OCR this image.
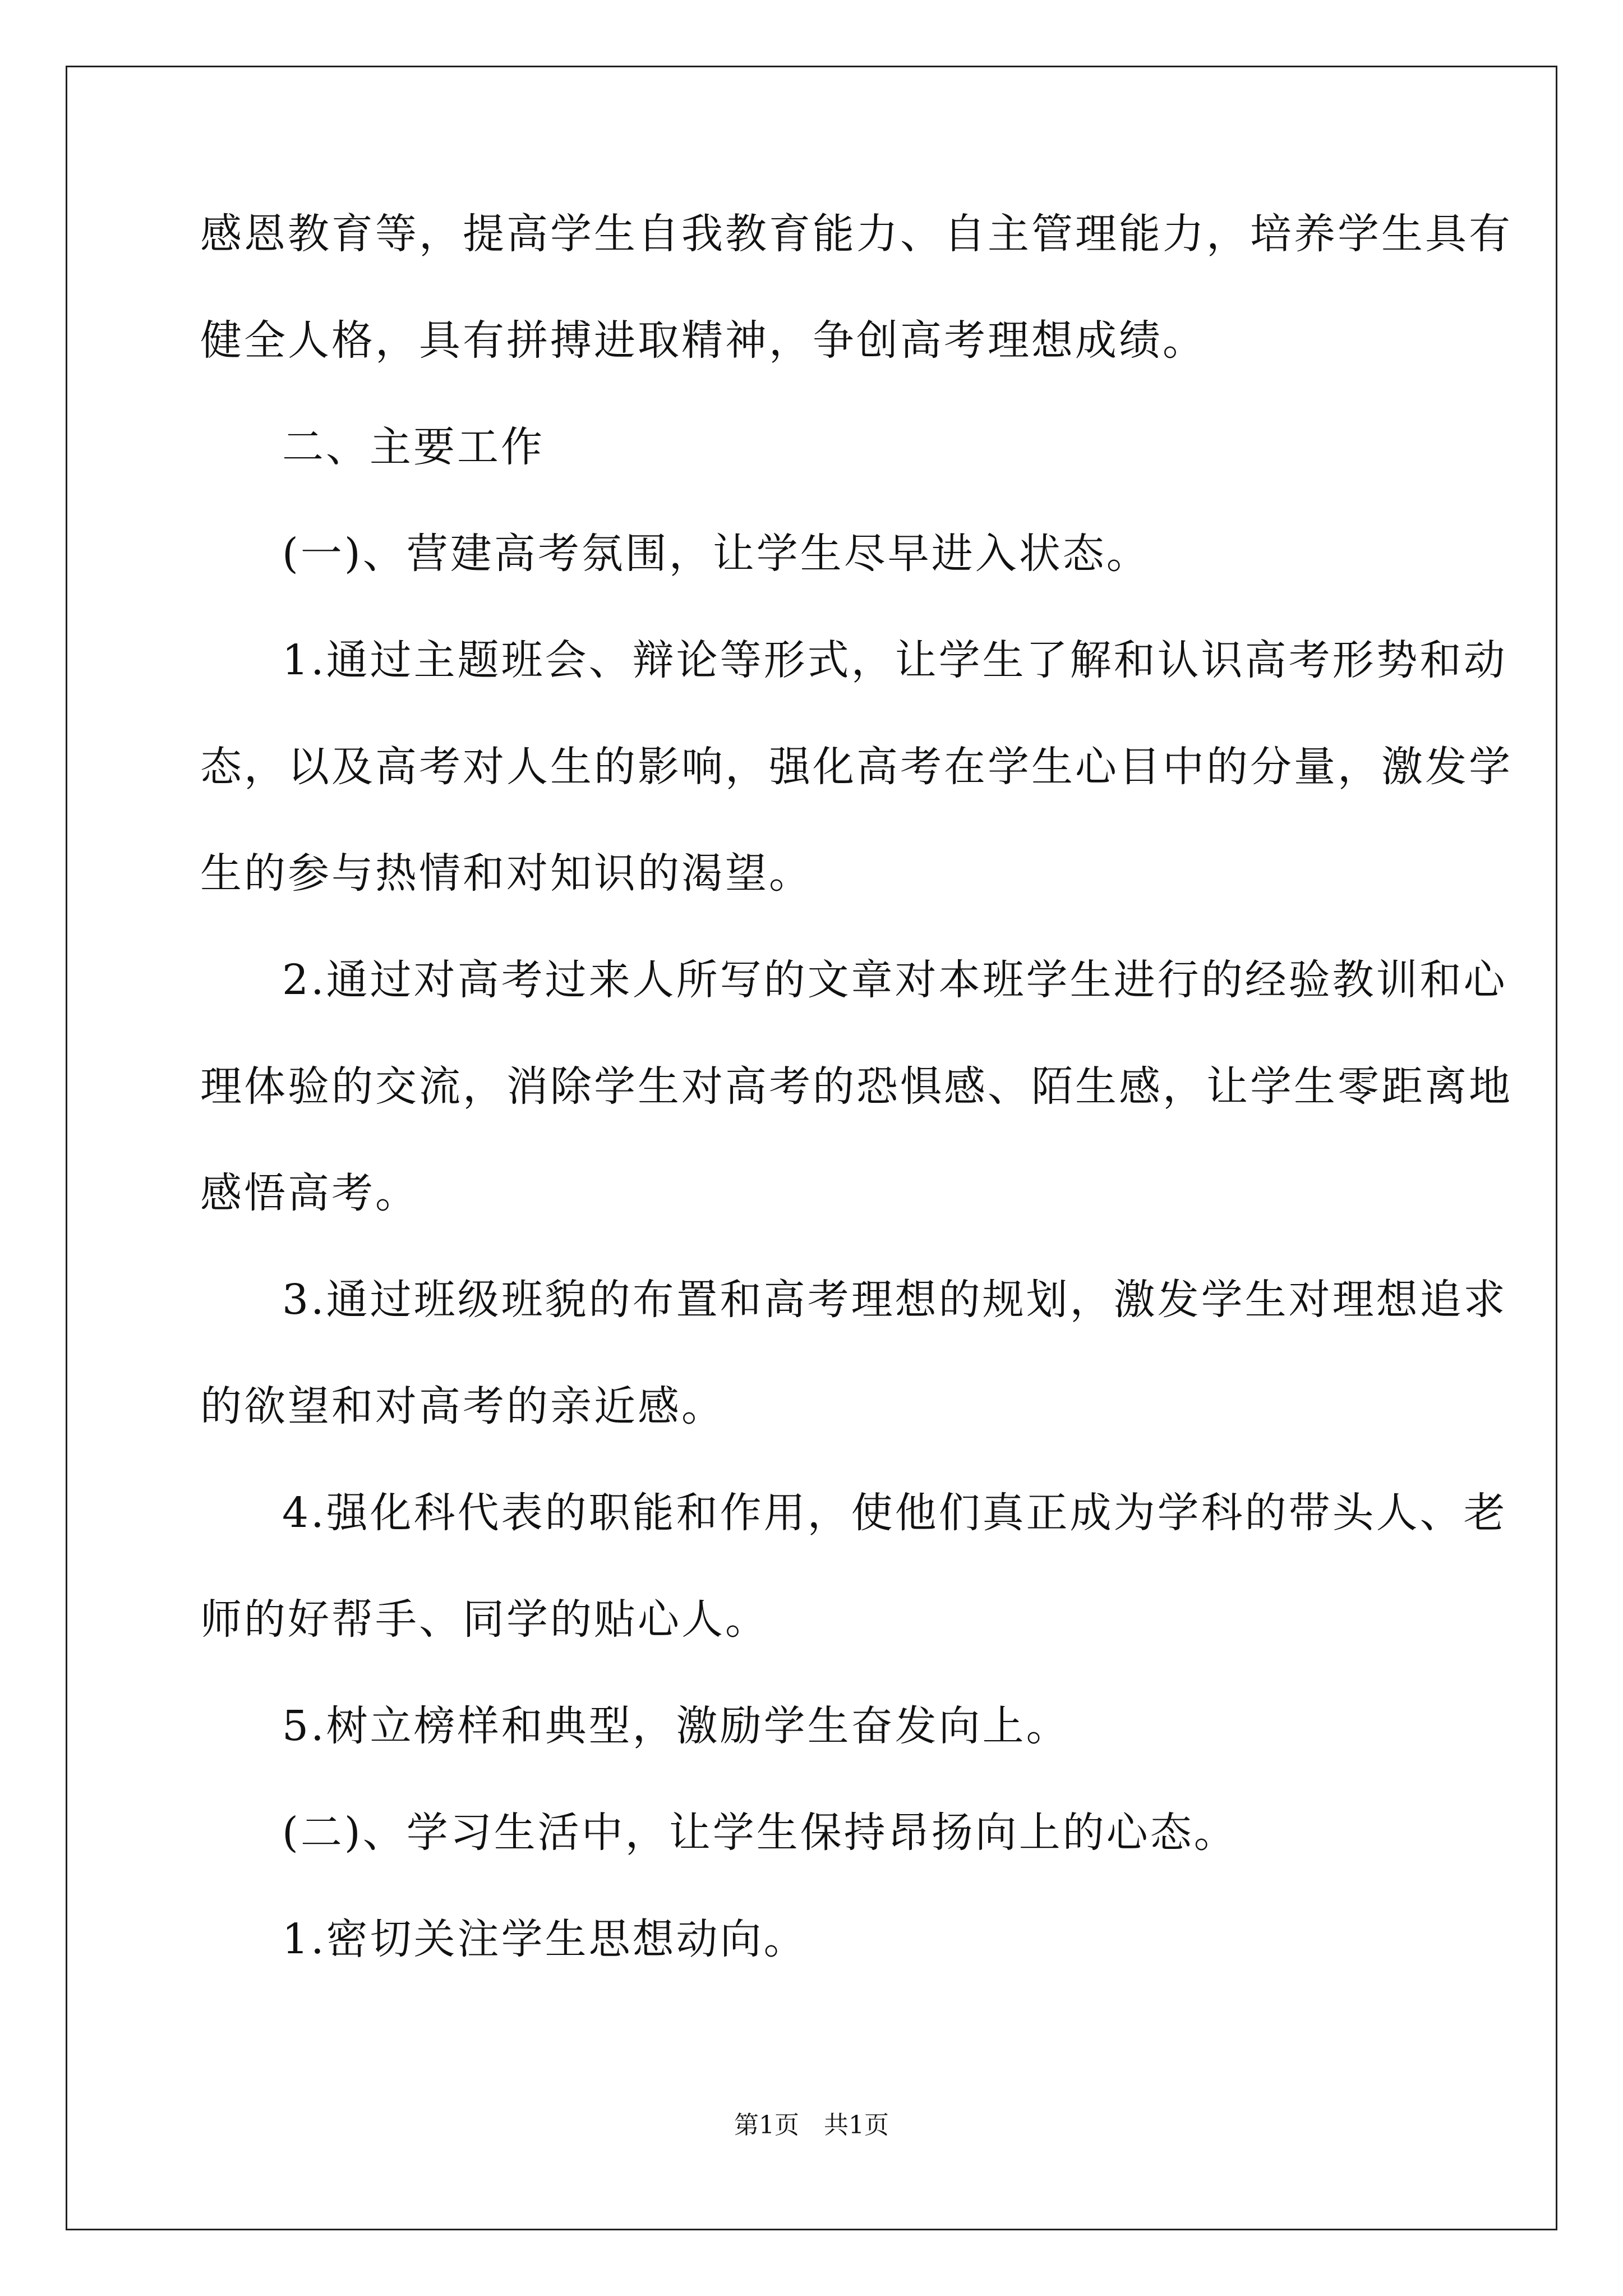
感恩教育等，提高学生自我教育能力、自主管理能力，培养学生具有
健全人格，具有拼搏进取精神，争创高考理想成绩。
二、主要工作
(一)、营建高考氛围，让学生尽早进入状态。
1.通过主题班会、辩论等形式，让学生了解和认识高考形势和动
态，以及高考对人生的影响，强化高考在学生心目中的分量，激发学
生的参与热情和对知识的渴望。
2.通过对高考过来人所写的文章对本班学生进行的经验教训和心
理体验的交流，消除学生对高考的恐惧感、陌生感，让学生零距离地
感悟高考。
3.通过班级班貌的布置和高考理想的规划，激发学生对理想追求
的欲望和对高考的亲近感。
4.强化科代表的职能和作用，使他们真正成为学科的带头人、老
师的好帮手、同学的贴心人。
5.树立榜样和典型，激励学生奋发向上。
(二)、学习生活中，让学生保持昂扬向上的心态。
1.密切关注学生思想动向。
第1页　共1页
